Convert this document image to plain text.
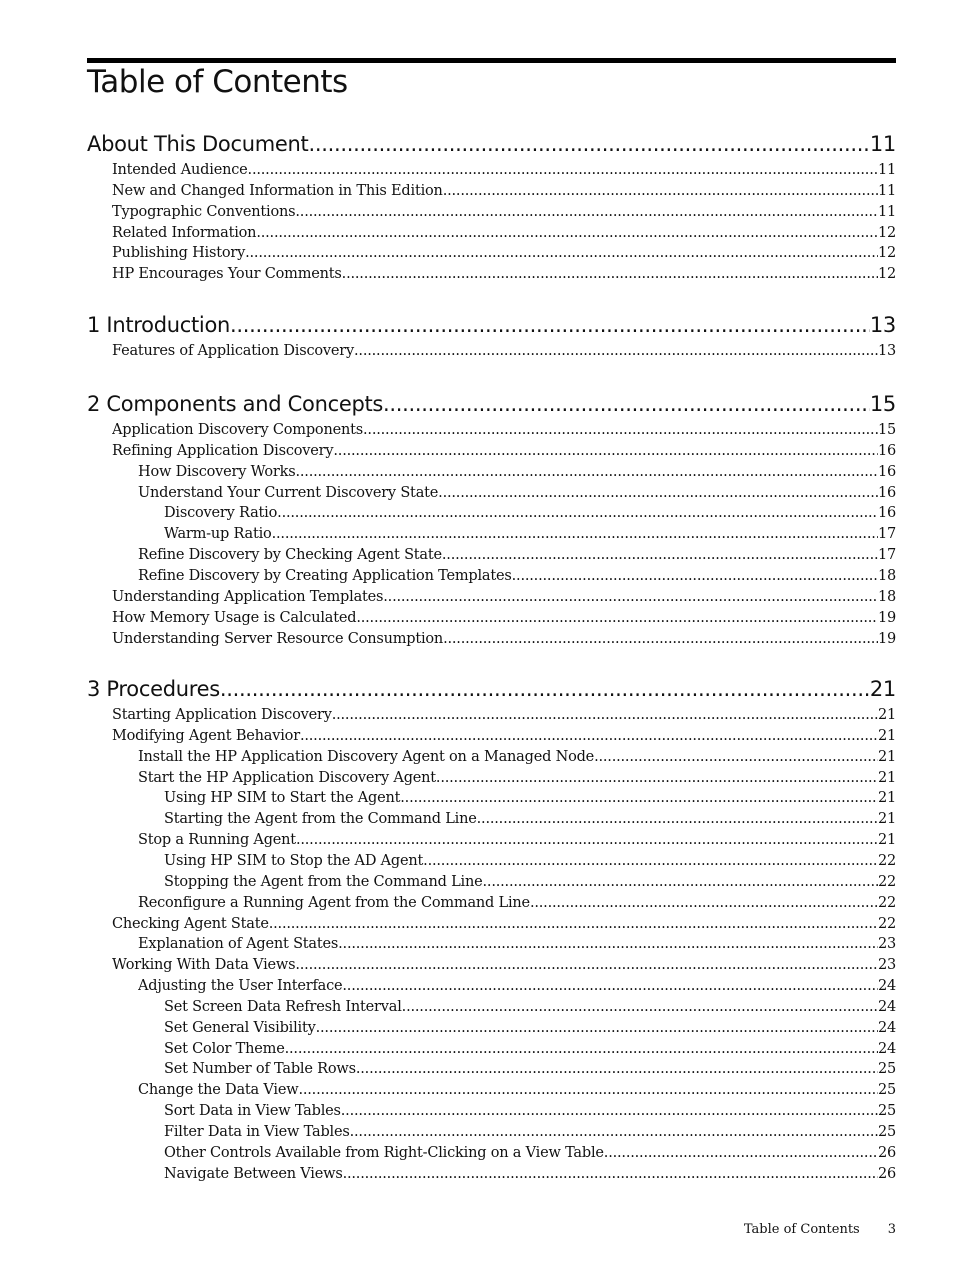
Table of Contents
About This Document .....	11
Intended Audience .....	11
New and Changed Information in This Edition .....	11
Typographic Conventions .....	11
Related Information .....	12
Publishing History .....	12
HP Encourages Your Comments .....	12
1 Introduction .....	13
Features of Application Discovery .....	13
2 Components and Concepts .....	15
Application Discovery Components .....	15
Refining Application Discovery .....	16
How Discovery Works .....	16
Understand Your Current Discovery State .....	16
Discovery Ratio .....	16
Warm-up Ratio .....	17
Refine Discovery by Checking Agent State .....	17
Refine Discovery by Creating Application Templates .....	18
Understanding Application Templates .....	18
How Memory Usage is Calculated .....	19
Understanding Server Resource Consumption .....	19
3 Procedures .....	21
Starting Application Discovery .....	21
Modifying Agent Behavior .....	21
Install the HP Application Discovery Agent on a Managed Node .....	21
Start the HP Application Discovery Agent .....	21
Using HP SIM to Start the Agent .....	21
Starting the Agent from the Command Line .....	21
Stop a Running Agent .....	21
Using HP SIM to Stop the AD Agent .....	22
Stopping the Agent from the Command Line .....	22
Reconfigure a Running Agent from the Command Line .....	22
Checking Agent State .....	22
Explanation of Agent States .....	23
Working With Data Views .....	23
Adjusting the User Interface .....	24
Set Screen Data Refresh Interval .....	24
Set General Visibility .....	24
Set Color Theme .....	24
Set Number of Table Rows .....	25
Change the Data View .....	25
Sort Data in View Tables .....	25
Filter Data in View Tables .....	25
Other Controls Available from Right-Clicking on a View Table .....	26
Navigate Between Views .....	26
Table of Contents 3
